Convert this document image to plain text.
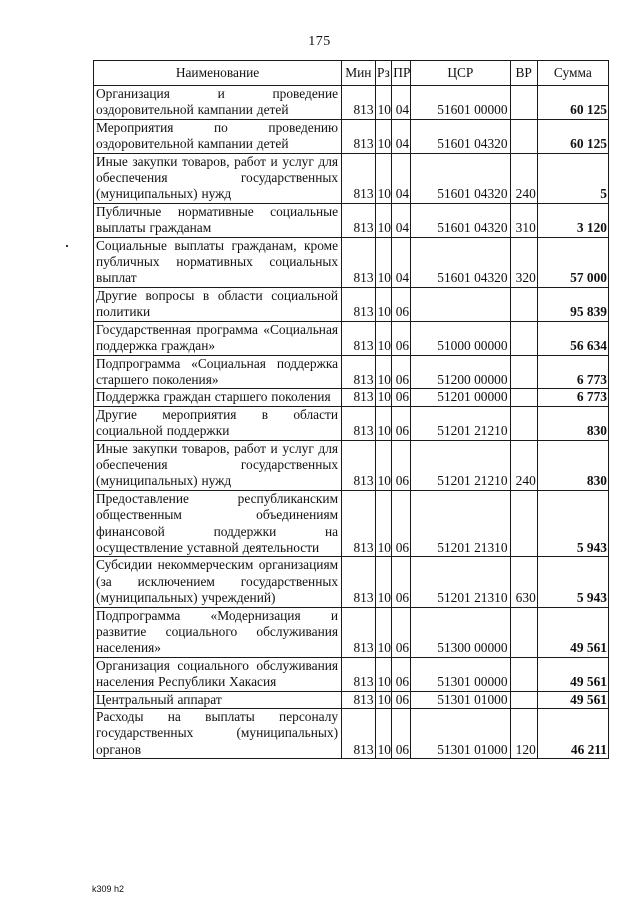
175
Наименование	Мин	Рз	ПР	ЦСР	ВР	Сумма
Организация и проведение оздоровительной кампании детей	813	10	04	51601 00000		60 125
Мероприятия по проведению оздоровительной кампании детей	813	10	04	51601 04320		60 125
Иные закупки товаров, работ и услуг для обеспечения государственных (муниципальных) нужд	813	10	04	51601 04320	240	5
Публичные нормативные социальные выплаты гражданам	813	10	04	51601 04320	310	3 120
Социальные выплаты гражданам, кроме публичных нормативных социальных выплат	813	10	04	51601 04320	320	57 000
Другие вопросы в области социальной политики	813	10	06			95 839
Государственная программа «Социальная поддержка граждан»	813	10	06	51000 00000		56 634
Подпрограмма «Социальная поддержка старшего поколения»	813	10	06	51200 00000		6 773
Поддержка граждан старшего поколения	813	10	06	51201 00000		6 773
Другие мероприятия в области социальной поддержки	813	10	06	51201 21210		830
Иные закупки товаров, работ и услуг для обеспечения государственных (муниципальных) нужд	813	10	06	51201 21210	240	830
Предоставление республиканским общественным объединениям финансовой поддержки на осуществление уставной деятельности	813	10	06	51201 21310		5 943
Субсидии некоммерческим организациям (за исключением государственных (муниципальных) учреждений)	813	10	06	51201 21310	630	5 943
Подпрограмма «Модернизация и развитие социального обслуживания населения»	813	10	06	51300 00000		49 561
Организация социального обслуживания населения Республики Хакасия	813	10	06	51301 00000		49 561
Центральный аппарат	813	10	06	51301 01000		49 561
Расходы на выплаты персоналу государственных (муниципальных) органов	813	10	06	51301 01000	120	46 211
k309 h2
